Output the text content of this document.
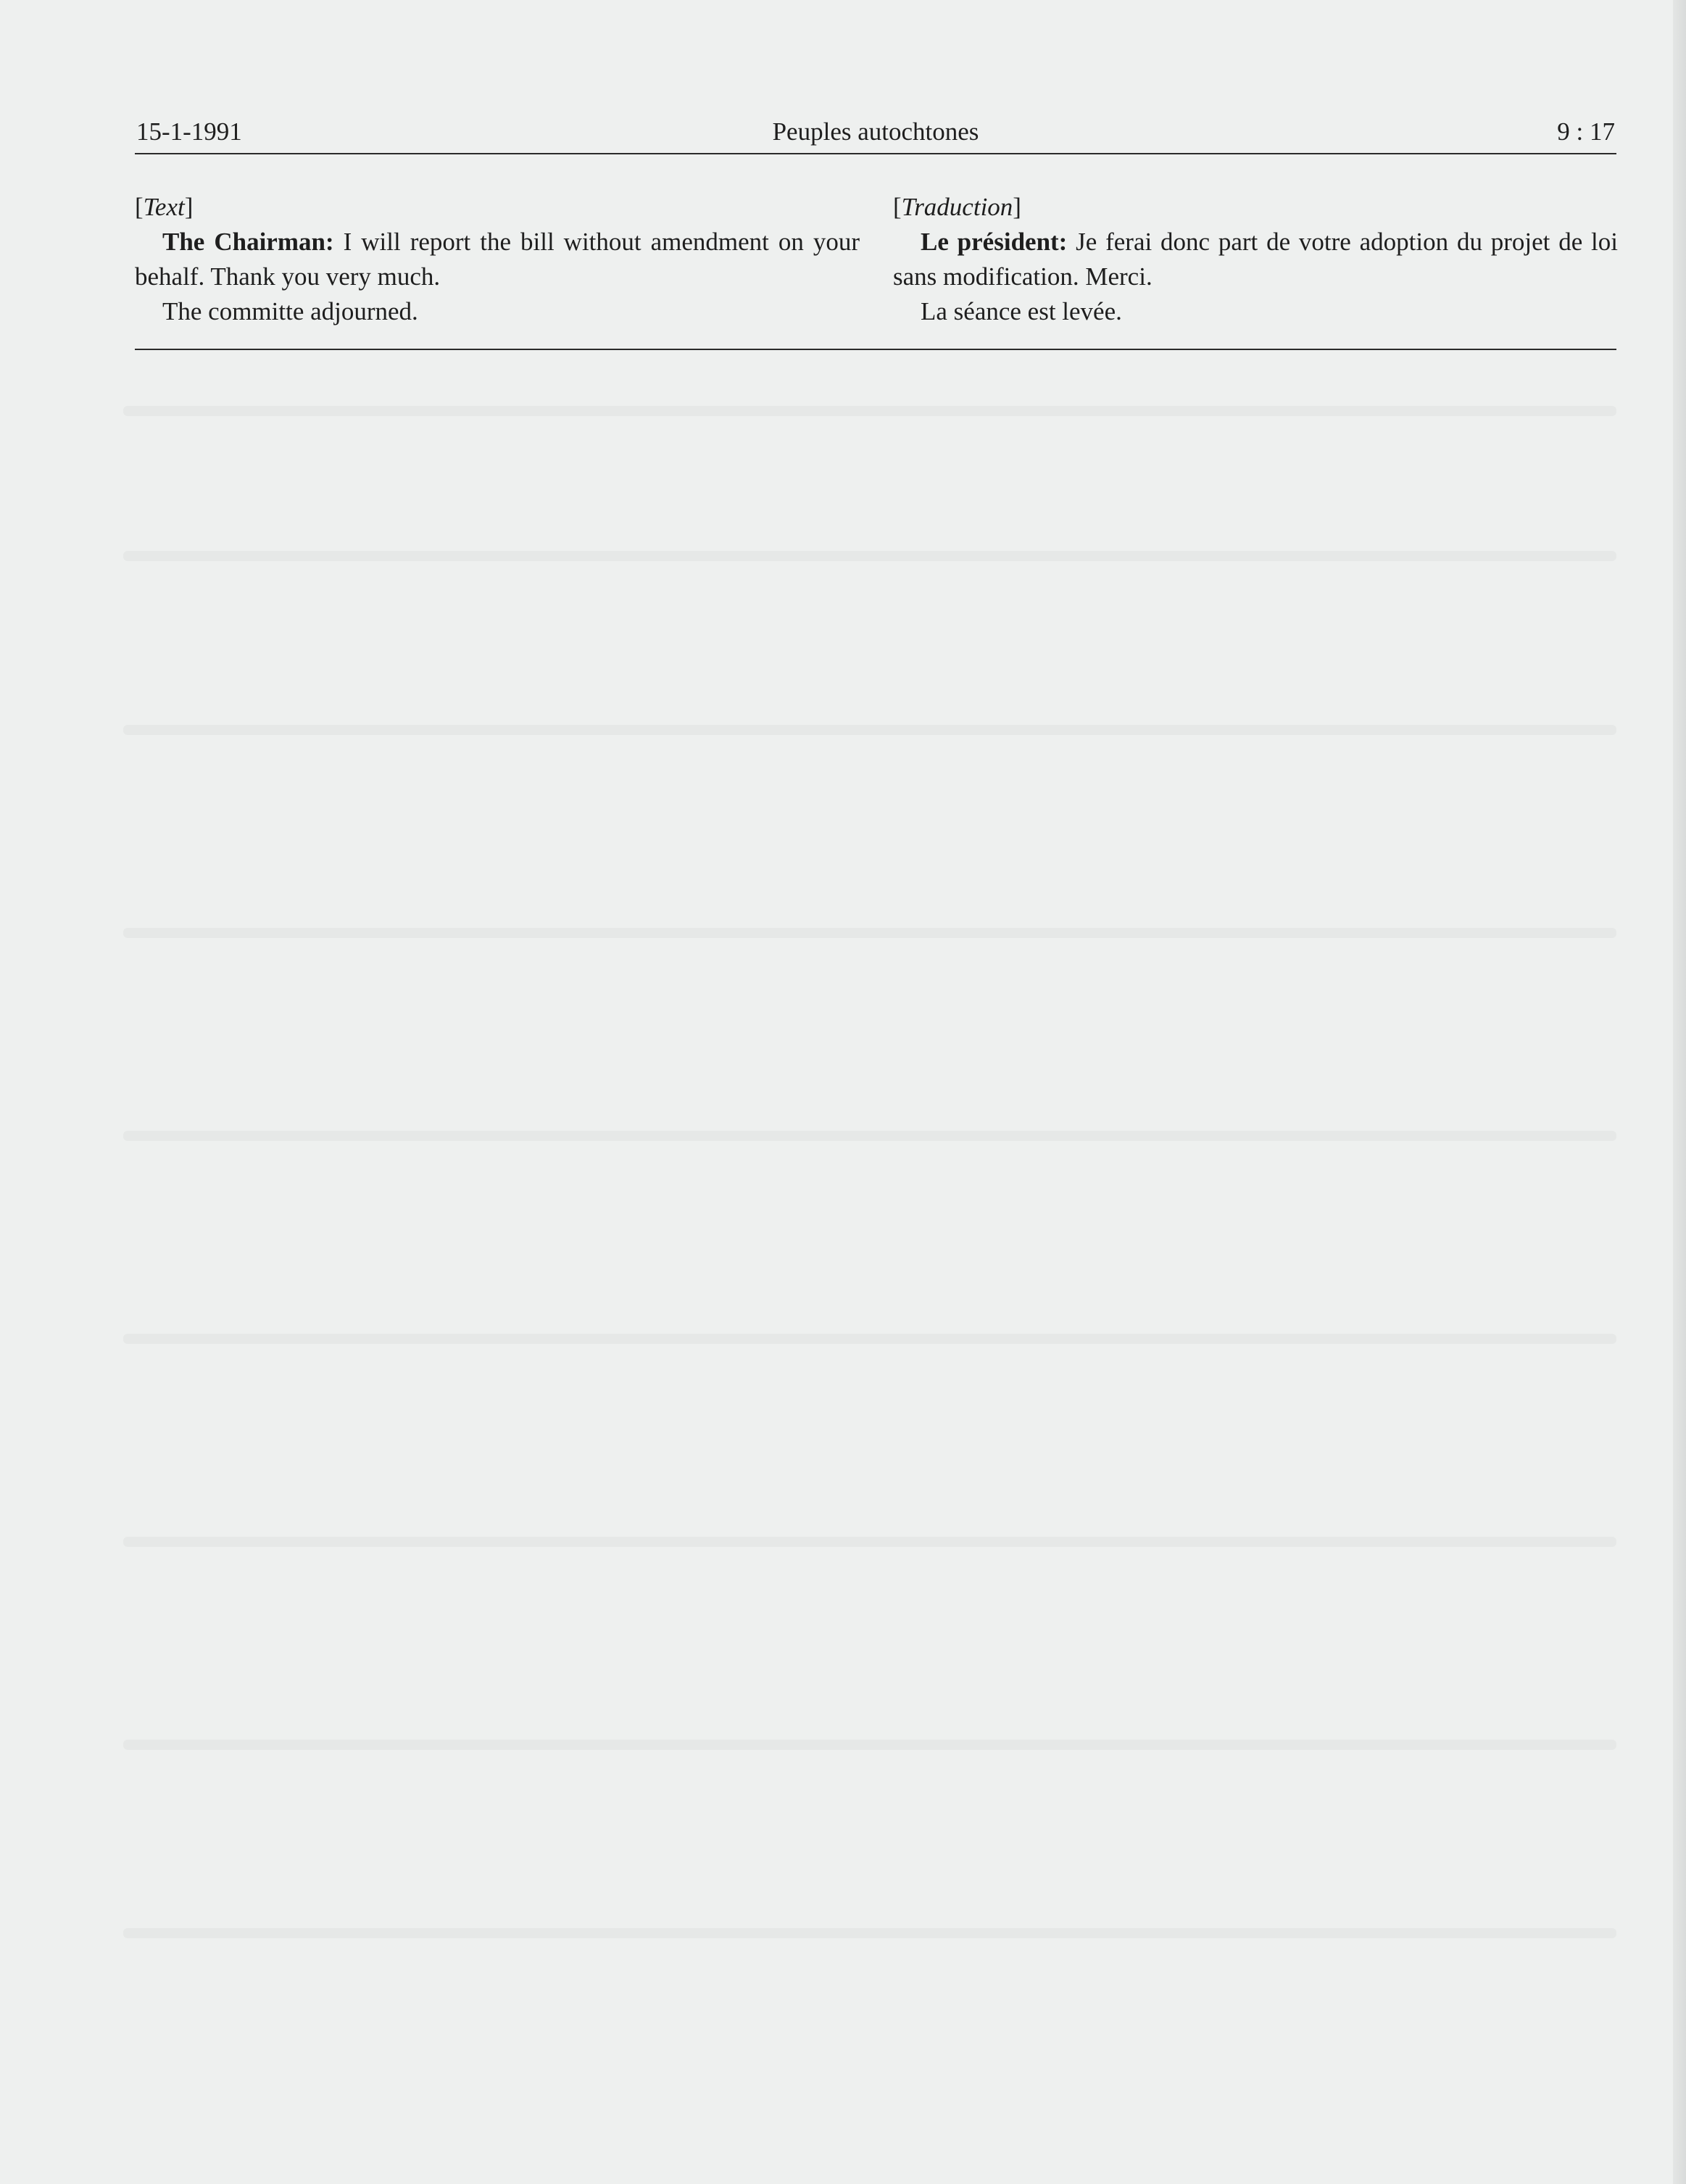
15-1-1991	Peuples autochtones	9 : 17

[Text]

The Chairman: I will report the bill without amendment on your behalf. Thank you very much.

The committe adjourned.

[Traduction]

Le président: Je ferai donc part de votre adoption du projet de loi sans modification. Merci.

La séance est levée.
